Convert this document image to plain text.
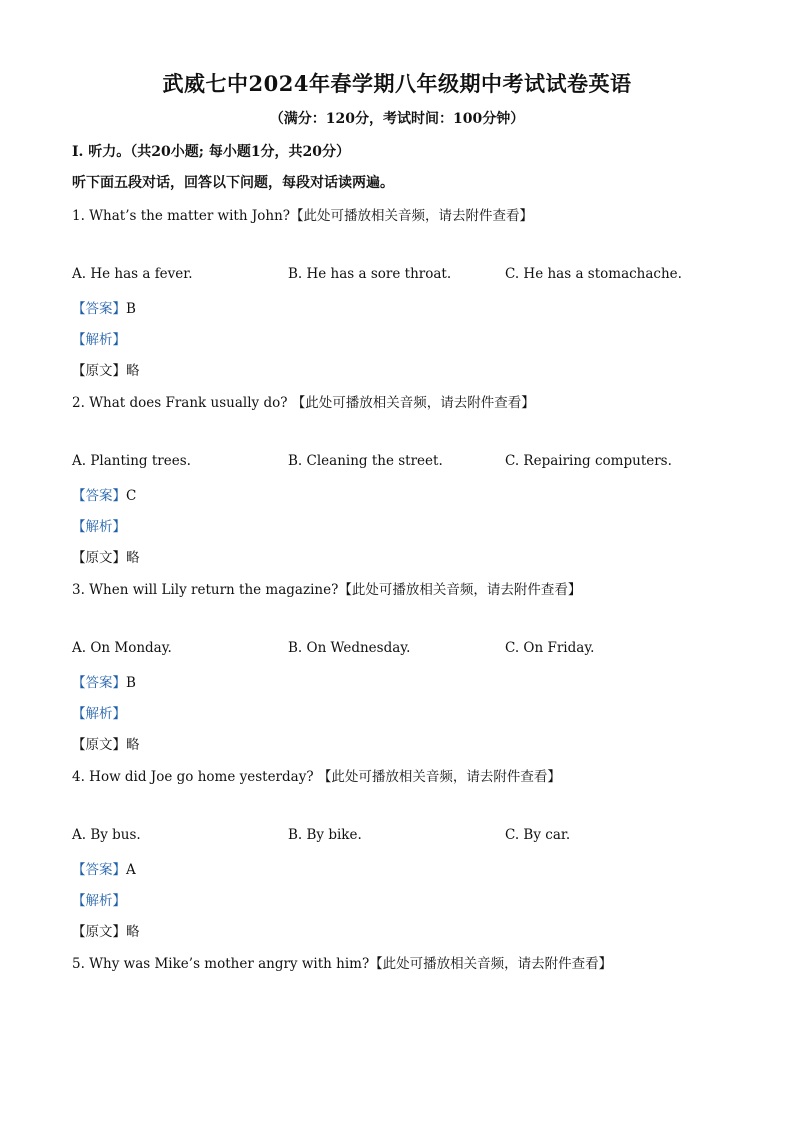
武威七中2024年春学期八年级期中考试试卷英语
（满分：120分，考试时间：100分钟）
Ⅰ. 听力。（共20小题; 每小题1分，共20分）
听下面五段对话，回答以下问题，每段对话读两遍。
1. What’s the matter with John?【此处可播放相关音频，请去附件查看】
A. He has a fever.	B. He has a sore throat.	C. He has a stomachache.
【答案】B
【解析】
【原文】略
2. What does Frank usually do? 【此处可播放相关音频，请去附件查看】
A. Planting trees.	B. Cleaning the street.	C. Repairing computers.
【答案】C
【解析】
【原文】略
3. When will Lily return the magazine?【此处可播放相关音频，请去附件查看】
A. On Monday.	B. On Wednesday.	C. On Friday.
【答案】B
【解析】
【原文】略
4. How did Joe go home yesterday? 【此处可播放相关音频，请去附件查看】
A. By bus.	B. By bike.	C. By car.
【答案】A
【解析】
【原文】略
5. Why was Mike’s mother angry with him?【此处可播放相关音频，请去附件查看】
